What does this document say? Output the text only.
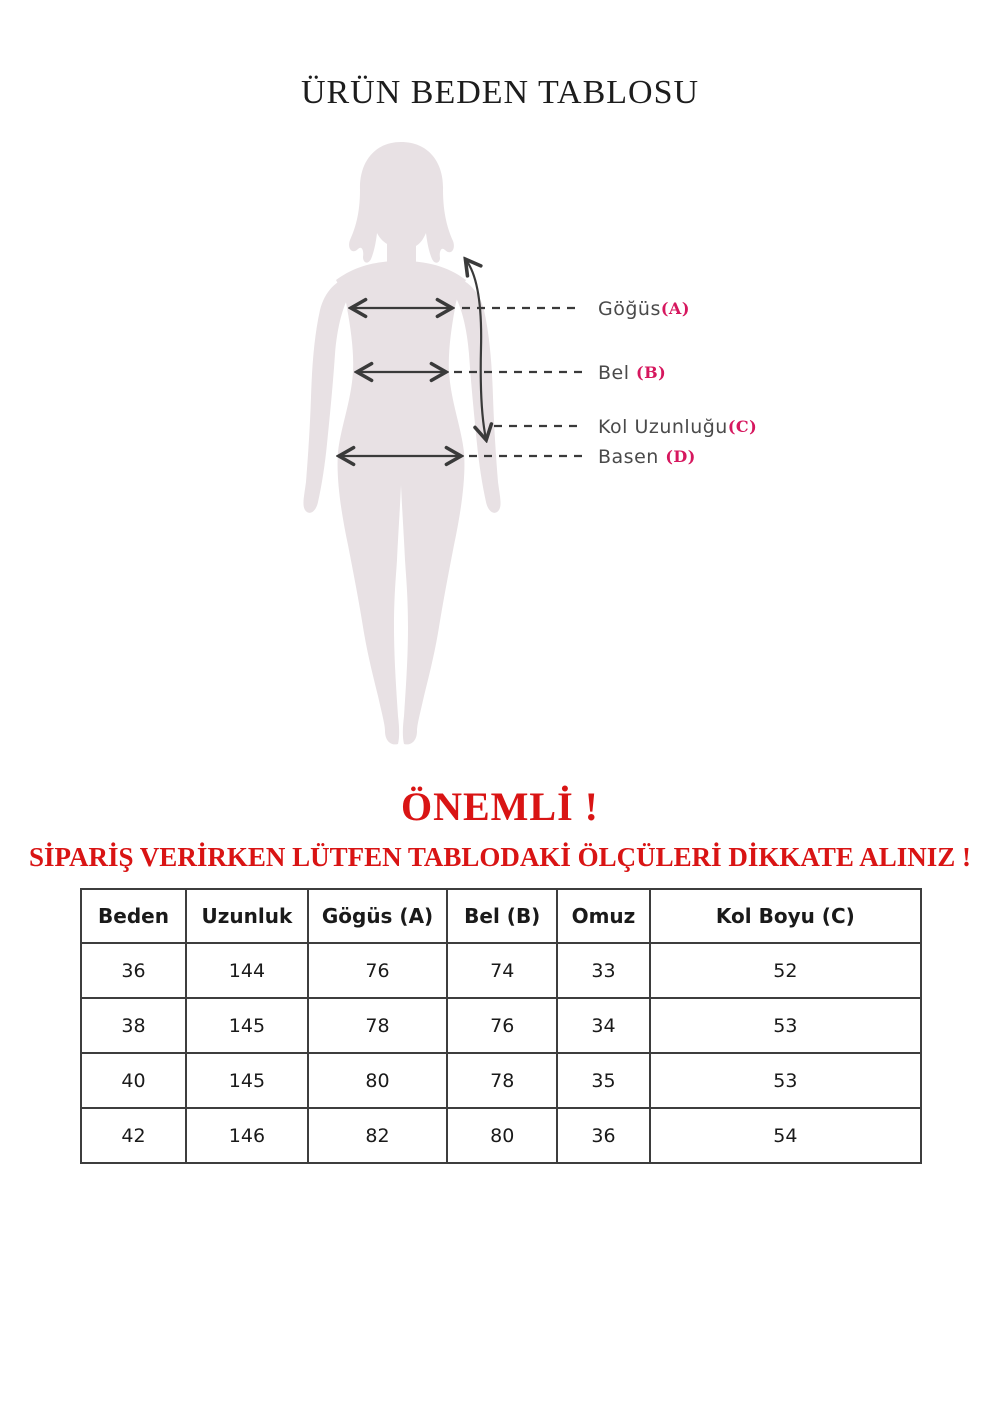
ÜRÜN BEDEN TABLOSU
Göğüs(A)
Bel (B)
Kol Uzunluğu(C)
Basen (D)
ÖNEMLİ !
SİPARİŞ VERİRKEN LÜTFEN TABLODAKİ ÖLÇÜLERİ DİKKATE ALINIZ !
Beden	Uzunluk	Gögüs (A)	Bel (B)	Omuz	Kol Boyu (C)
36	144	76	74	33	52
38	145	78	76	34	53
40	145	80	78	35	53
42	146	82	80	36	54
